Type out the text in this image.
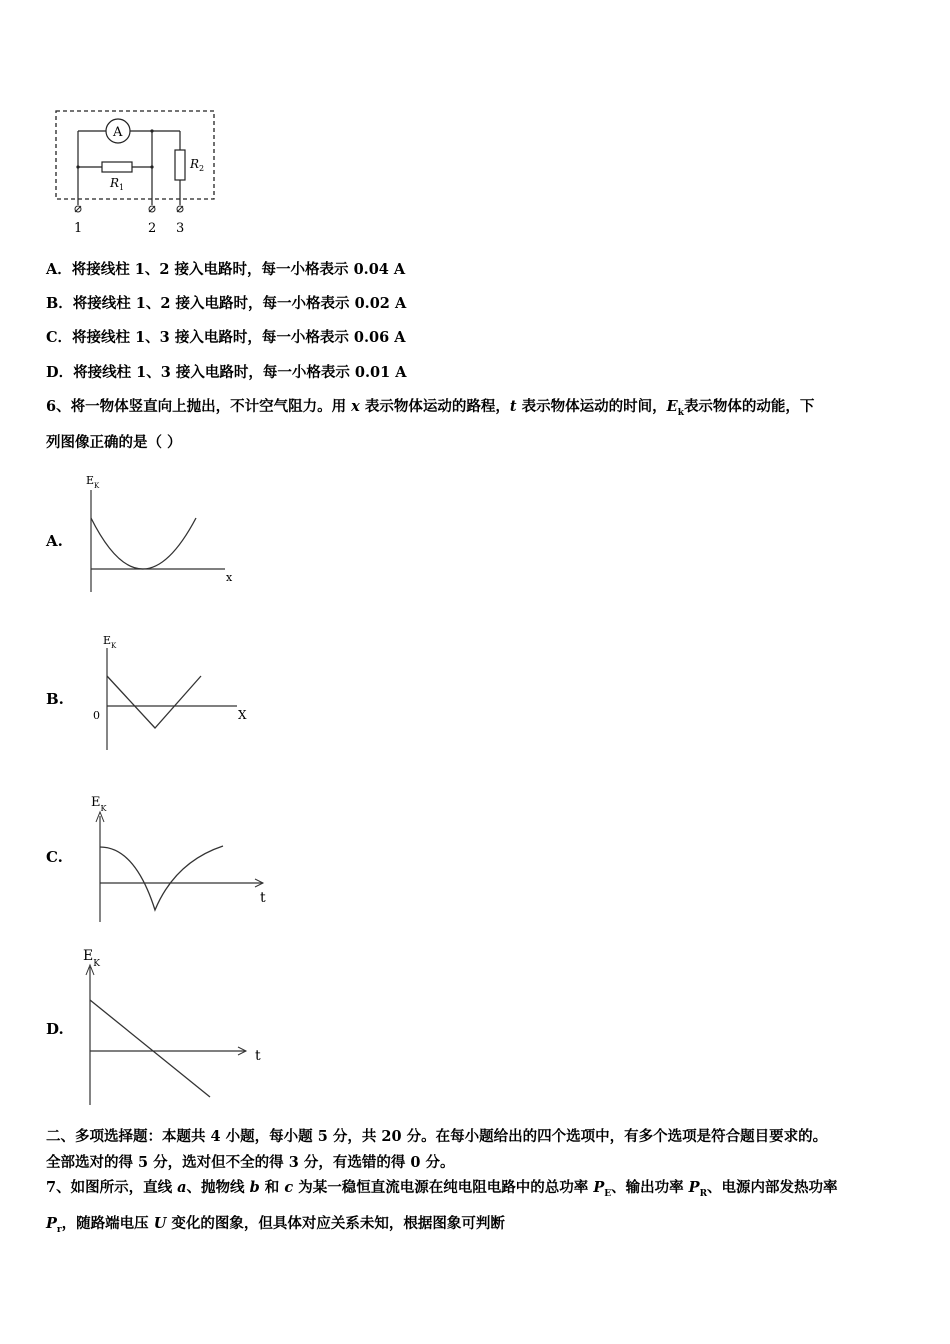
A
$R_1$
$R_2$
1	2 3
A．将接线柱 1、2 接入电路时，每一小格表示 0.04 A
B．将接线柱 1、2 接入电路时，每一小格表示 0.02 A
C．将接线柱 1、3 接入电路时，每一小格表示 0.06 A
D．将接线柱 1、3 接入电路时，每一小格表示 0.01 A
6、将一物体竖直向上抛出，不计空气阻力。用 x 表示物体运动的路程，t 表示物体运动的时间，$E_k$表示物体的动能，下
列图像正确的是（ ）
A.
$E_K$
x
B.
$E_K$
X
0
C.
$E_K$
t
D.
$E_K$
t
二、多项选择题：本题共 4 小题，每小题 5 分，共 20 分。在每小题给出的四个选项中，有多个选项是符合题目要求的。
全部选对的得 5 分，选对但不全的得 3 分，有选错的得 0 分。
7、如图所示，直线 a、抛物线 b 和 c 为某一稳恒直流电源在纯电阻电路中的总功率 $P_E$、输出功率 $P_R$、电源内部发热功率
$P_r$，随路端电压 U 变化的图象，但具体对应关系未知，根据图象可判断
